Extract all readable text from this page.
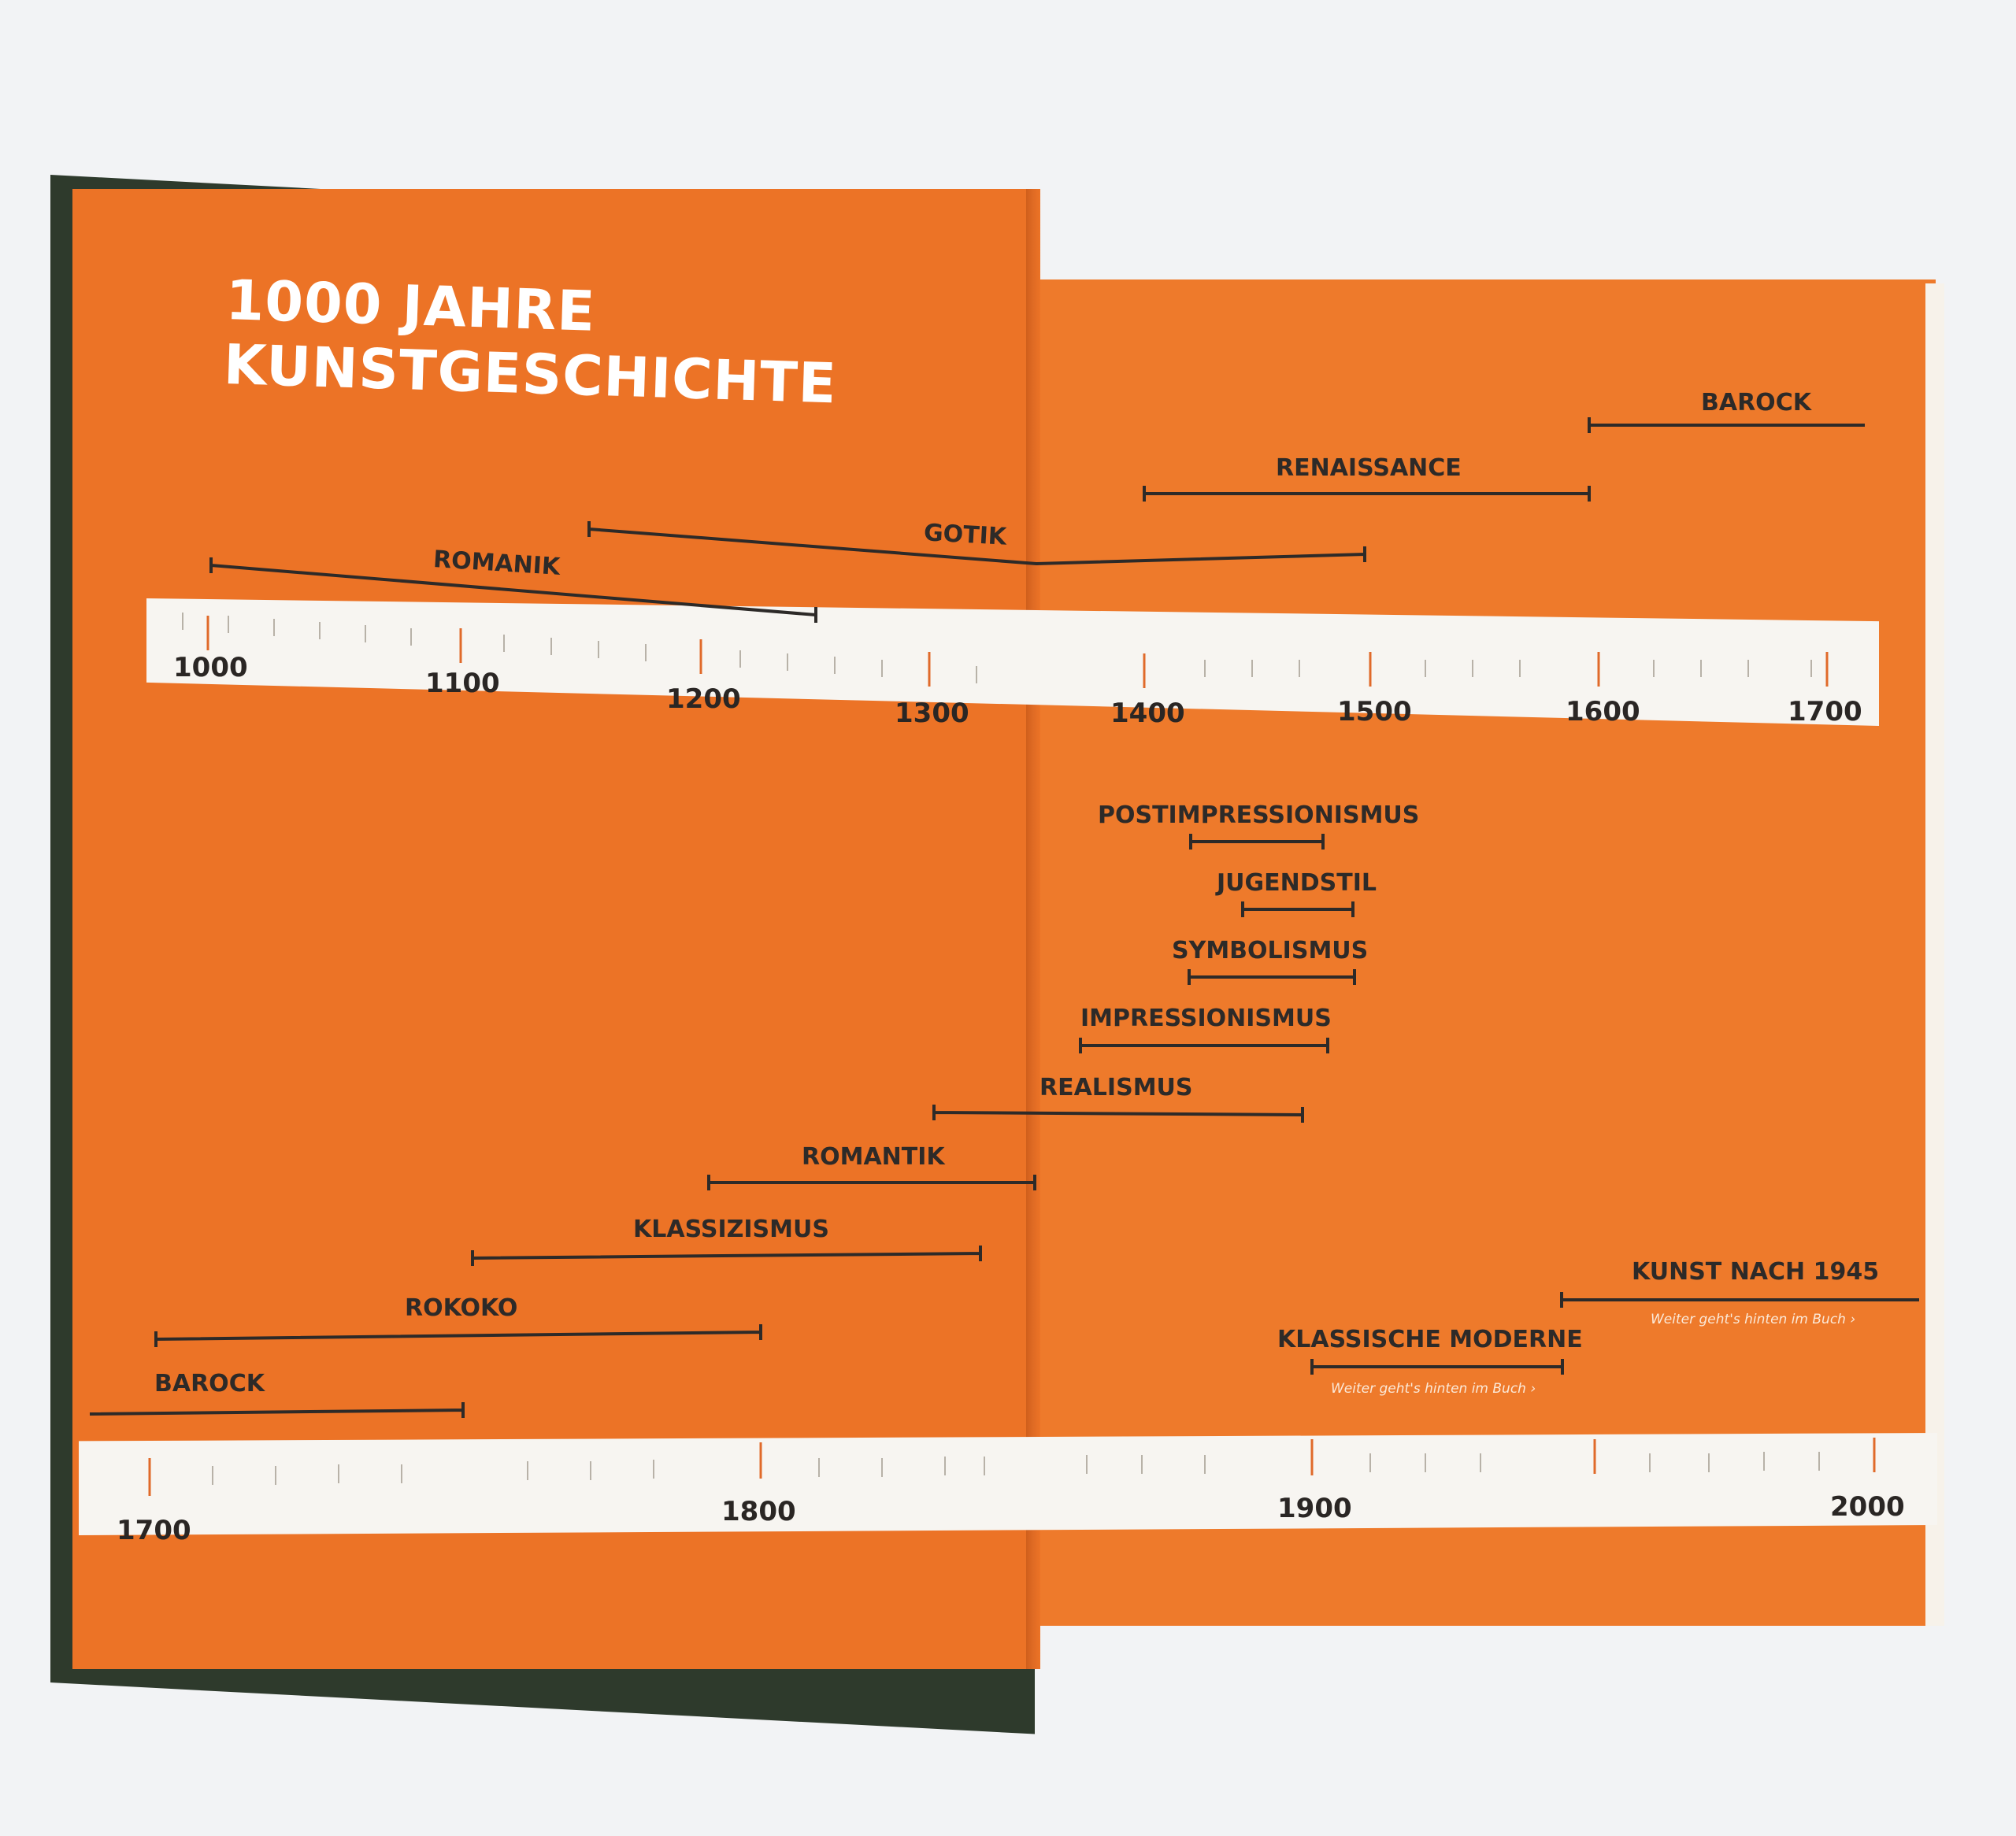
1000 JAHRE
KUNSTGESCHICHTE	BAROCK
RENAISSANCE
GOTIK
ROMANIK
1000	1100	1200	1300	1400	1500	1600	1700
POSTIMPRESSIONISMUS
JUGENDSTIL
SYMBOLISMUS
IMPRESSIONISMUS
REALISMUS
ROMANTIK
KLASSIZISMUS
ROKOKO
BAROCK
KUNST NACH 1945
Weiter geht's hinten im Buch ›
KLASSISCHE MODERNE
Weiter geht's hinten im Buch ›
1700
1800	1900	2000
